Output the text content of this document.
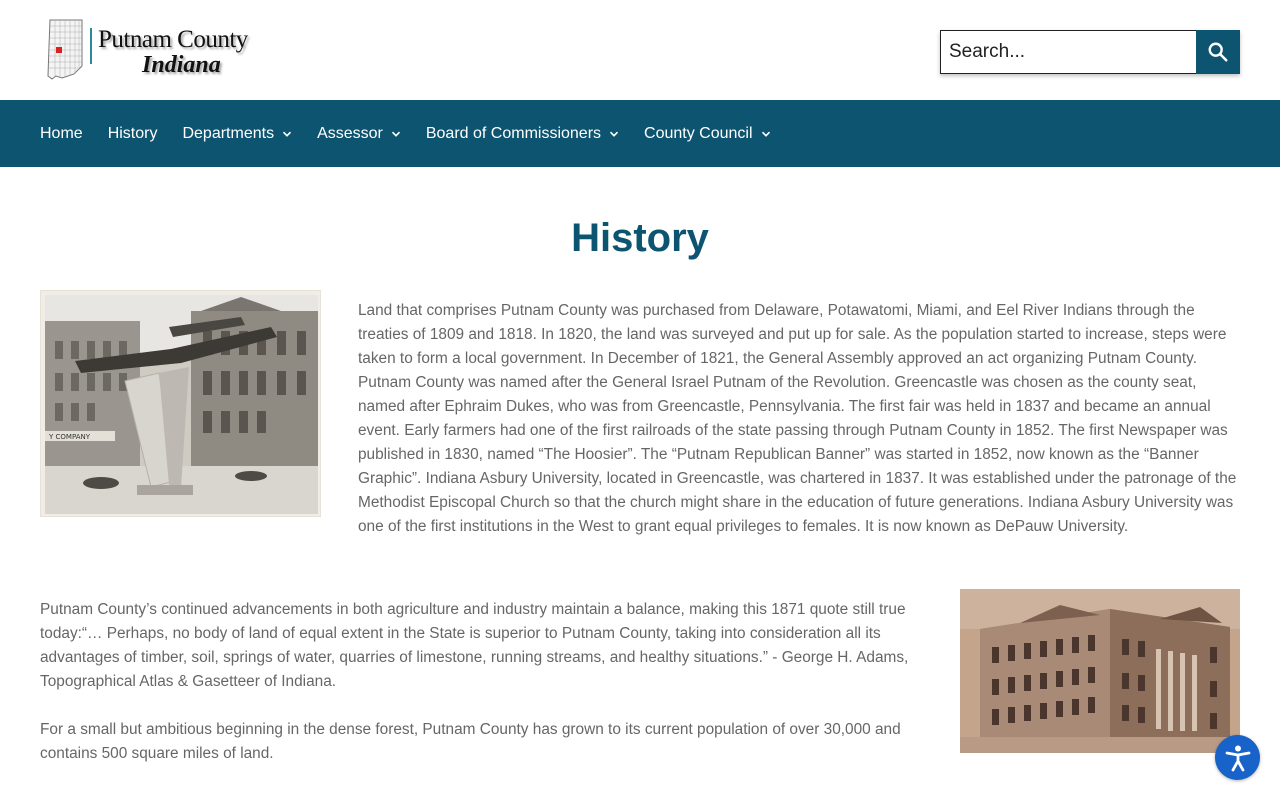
Putnam County
Indiana
Search...
Home History Departments	Assessor	Board of Commissioners	County Council
History
Y COMPANY

Land that comprises Putnam County was purchased from Delaware, Potawatomi, Miami, and Eel River Indians through the treaties of 1809 and 1818. In 1820, the land was surveyed and put up for sale. As the population started to increase, steps were taken to form a local government. In December of 1821, the General Assembly approved an act organizing Putnam County. Putnam County was named after the General Israel Putnam of the Revolution. Greencastle was chosen as the county seat, named after Ephraim Dukes, who was from Greencastle, Pennsylvania. The first fair was held in 1837 and became an annual event. Early farmers had one of the first railroads of the state passing through Putnam County in 1852. The first Newspaper was published in 1830, named “The Hoosier”. The “Putnam Republican Banner” was started in 1852, now known as the “Banner Graphic”. Indiana Asbury University, located in Greencastle, was chartered in 1837. It was established under the patronage of the Methodist Episcopal Church so that the church might share in the education of future generations. Indiana Asbury University was one of the first institutions in the West to grant equal privileges to females. It is now known as DePauw University.

Putnam County’s continued advancements in both agriculture and industry maintain a balance, making this 1871 quote still true today:“… Perhaps, no body of land of equal extent in the State is superior to Putnam County, taking into consideration all its advantages of timber, soil, springs of water, quarries of limestone, running streams, and healthy situations.” - George H. Adams, Topographical Atlas & Gasetteer of Indiana.

For a small but ambitious beginning in the dense forest, Putnam County has grown to its current population of over 30,000 and contains 500 square miles of land.
